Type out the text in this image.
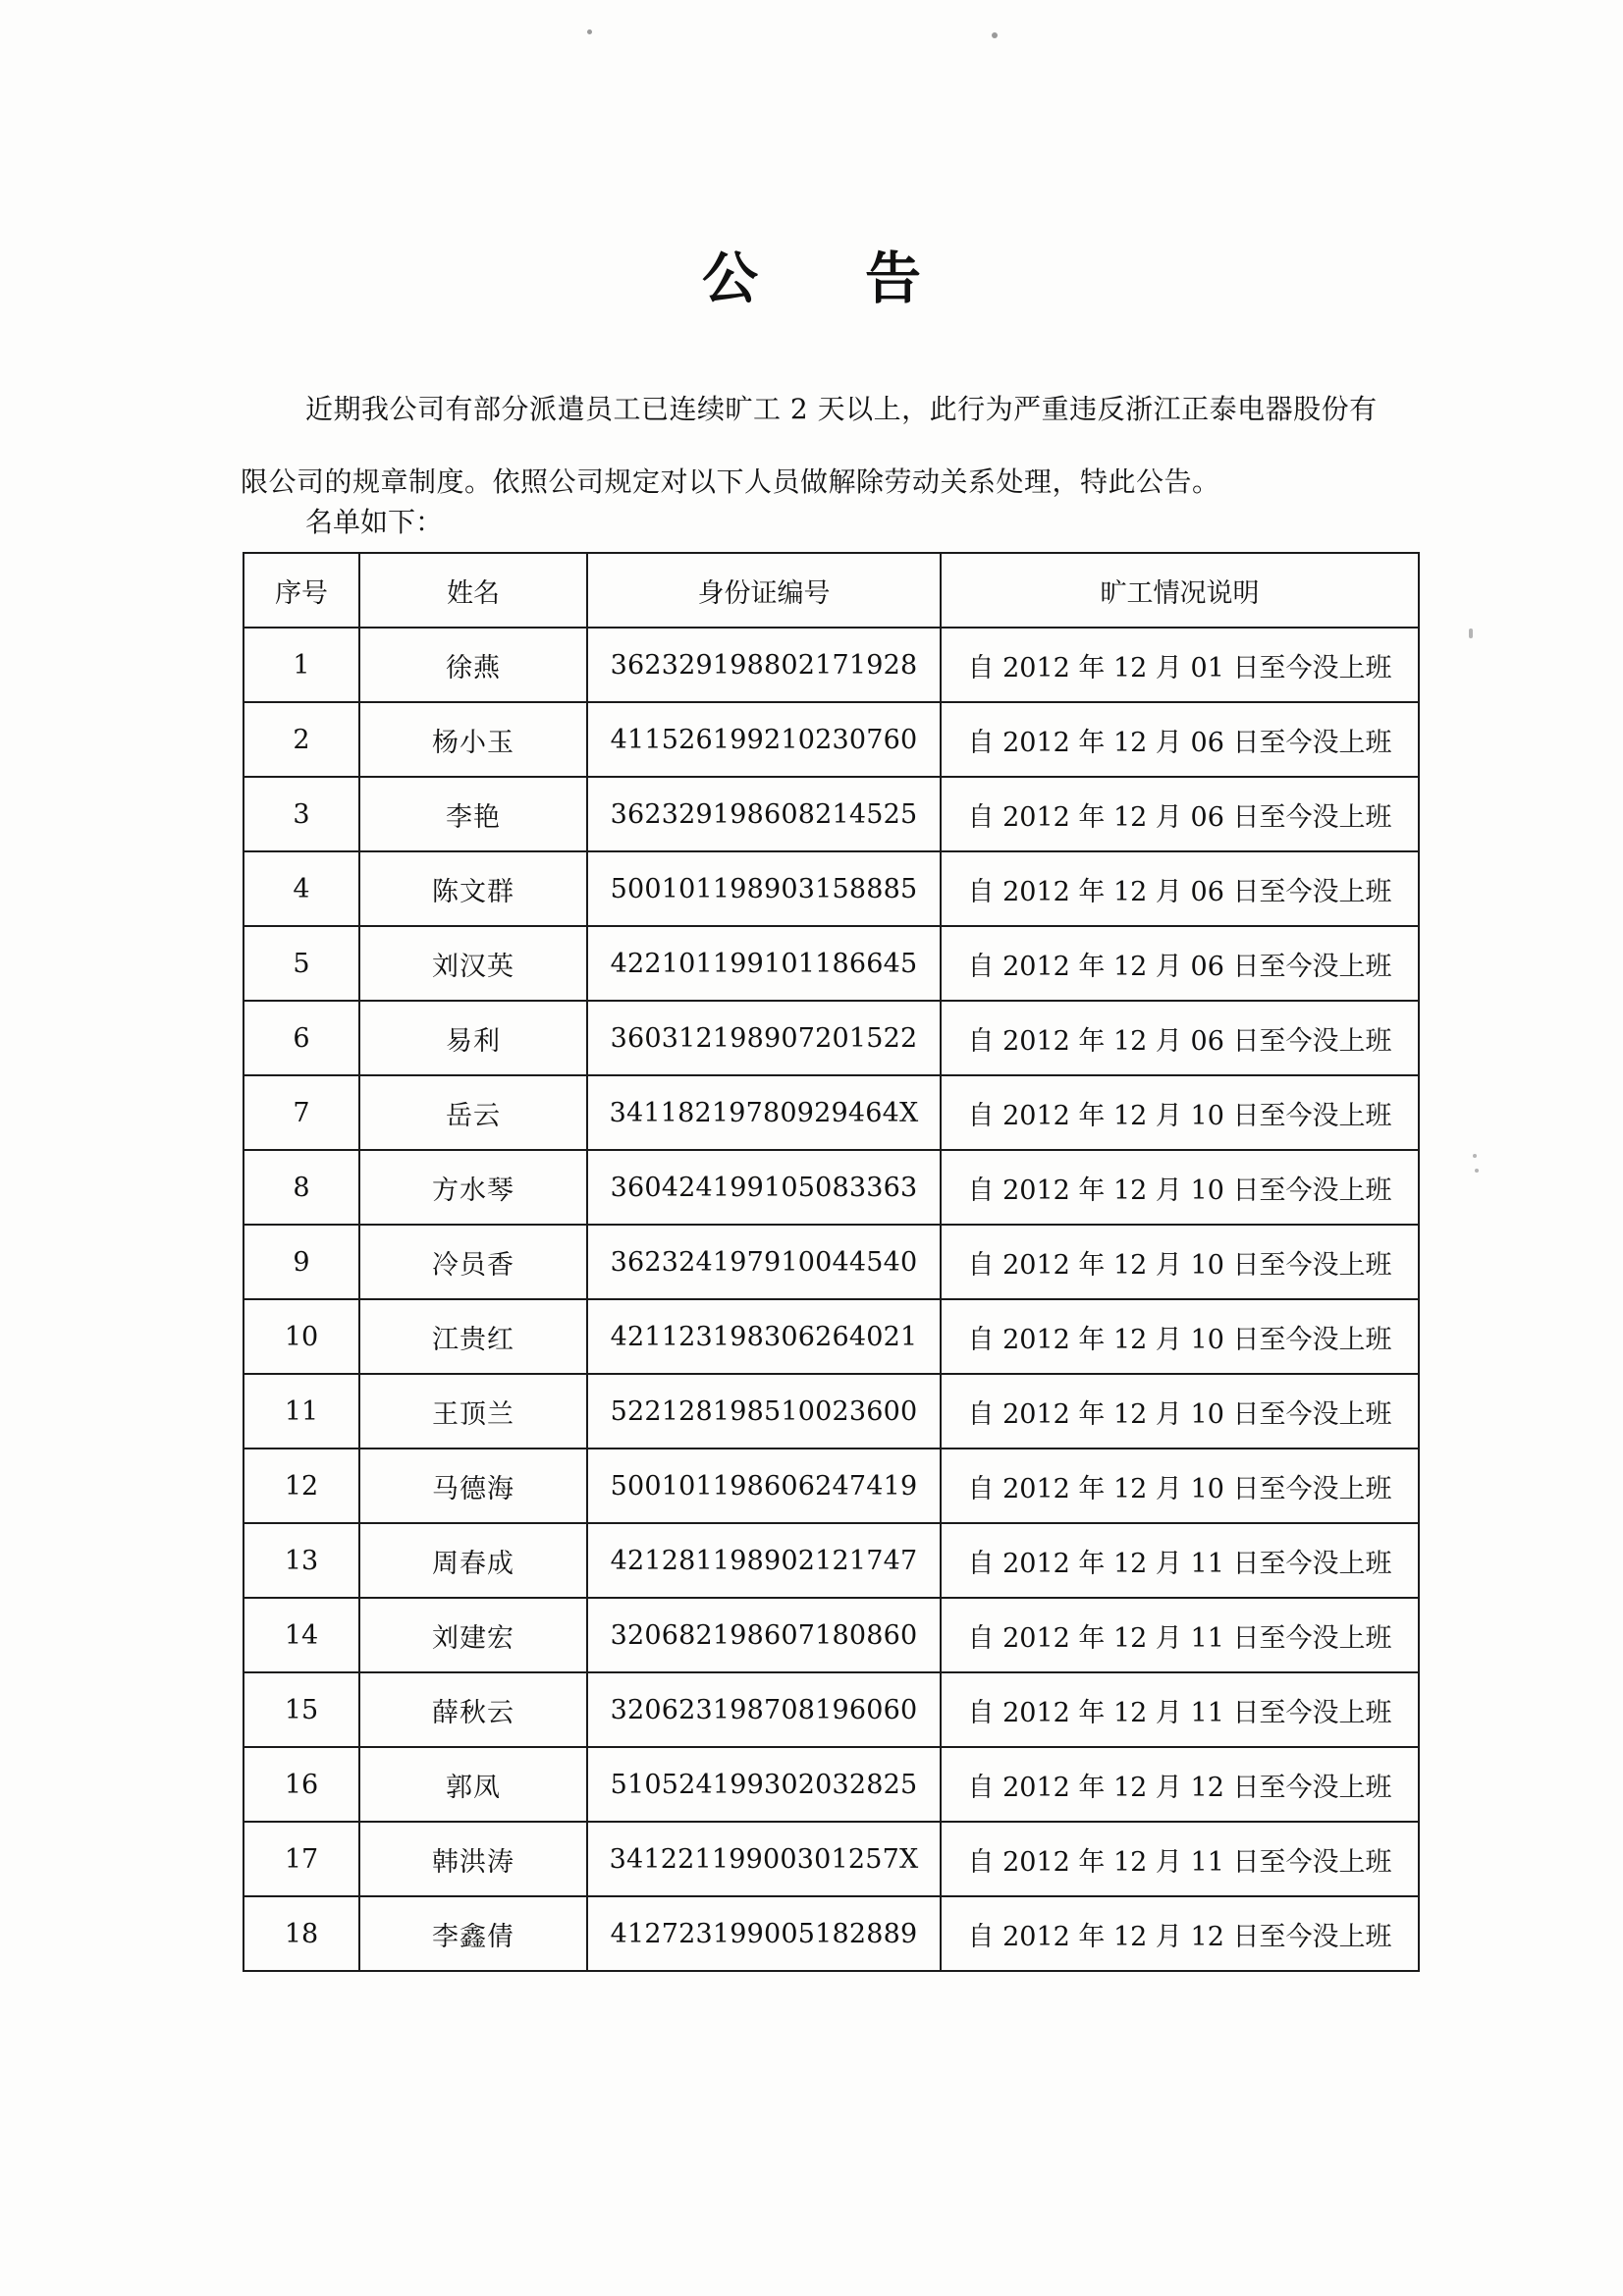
公　告

近期我公司有部分派遣员工已连续旷工 2 天以上，此行为严重违反浙江正泰电器股份有限公司的规章制度。依照公司规定对以下人员做解除劳动关系处理，特此公告。

名单如下：
序号	姓名	身份证编号	旷工情况说明
1	徐燕	362329198802171928	自 2012 年 12 月 01 日至今没上班
2	杨小玉	411526199210230760	自 2012 年 12 月 06 日至今没上班
3	李艳	362329198608214525	自 2012 年 12 月 06 日至今没上班
4	陈文群	500101198903158885	自 2012 年 12 月 06 日至今没上班
5	刘汉英	422101199101186645	自 2012 年 12 月 06 日至今没上班
6	易利	360312198907201522	自 2012 年 12 月 06 日至今没上班
7	岳云	34118219780929464X	自 2012 年 12 月 10 日至今没上班
8	方水琴	360424199105083363	自 2012 年 12 月 10 日至今没上班
9	冷员香	362324197910044540	自 2012 年 12 月 10 日至今没上班
10	江贵红	421123198306264021	自 2012 年 12 月 10 日至今没上班
11	王顶兰	522128198510023600	自 2012 年 12 月 10 日至今没上班
12	马德海	500101198606247419	自 2012 年 12 月 10 日至今没上班
13	周春成	421281198902121747	自 2012 年 12 月 11 日至今没上班
14	刘建宏	320682198607180860	自 2012 年 12 月 11 日至今没上班
15	薛秋云	320623198708196060	自 2012 年 12 月 11 日至今没上班
16	郭凤	510524199302032825	自 2012 年 12 月 12 日至今没上班
17	韩洪涛	34122119900301257X	自 2012 年 12 月 11 日至今没上班
18	李鑫倩	412723199005182889	自 2012 年 12 月 12 日至今没上班
